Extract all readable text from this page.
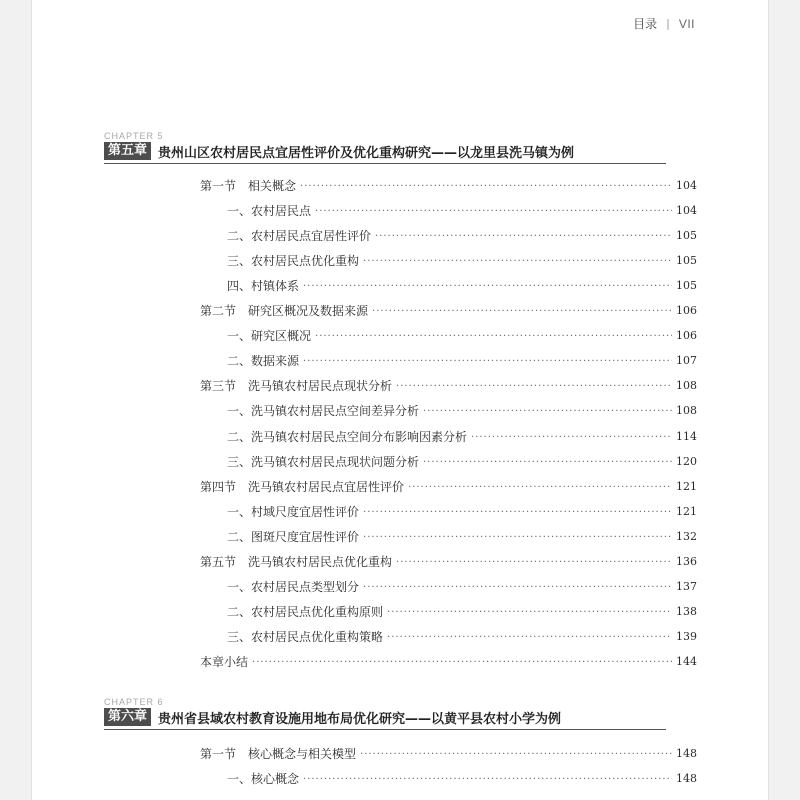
目录 | VII
CHAPTER 5
第五章 贵州山区农村居民点宜居性评价及优化重构研究——以龙里县洗马镇为例
第一节　相关概念 ·····	104
一、农村居民点 ·····	104
二、农村居民点宜居性评价 ·····	105
三、农村居民点优化重构 ·····	105
四、村镇体系 ·····	105
第二节　研究区概况及数据来源 ·····	106
一、研究区概况 ·····	106
二、数据来源 ·····	107
第三节　洗马镇农村居民点现状分析 ·····	108
一、洗马镇农村居民点空间差异分析 ·····	108
二、洗马镇农村居民点空间分布影响因素分析 ·····	114
三、洗马镇农村居民点现状问题分析 ·····	120
第四节　洗马镇农村居民点宜居性评价 ·····	121
一、村域尺度宜居性评价 ·····	121
二、图斑尺度宜居性评价 ·····	132
第五节　洗马镇农村居民点优化重构 ·····	136
一、农村居民点类型划分 ·····	137
二、农村居民点优化重构原则 ·····	138
三、农村居民点优化重构策略 ·····	139
本章小结 ·····	144
CHAPTER 6
第六章 贵州省县域农村教育设施用地布局优化研究——以黄平县农村小学为例
第一节　核心概念与相关模型 ·····	148
一、核心概念 ·····	148
